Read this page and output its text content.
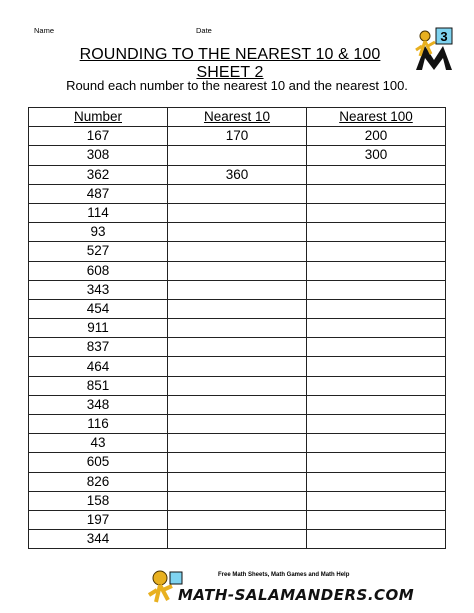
Name	Date
ROUNDING TO THE NEAREST 10 & 100 SHEET 2
3
Round each number to the nearest 10 and the nearest 100.
Number	Nearest 10	Nearest 100
167	170	200
308		300
362	360	
487		
114		
93		
527		
608		
343		
454		
911		
837		
464		
851		
348		
116		
43		
605		
826		
158		
197		
344		
Free Math Sheets, Math Games and Math Help
MATH-SALAMANDERS.COM
